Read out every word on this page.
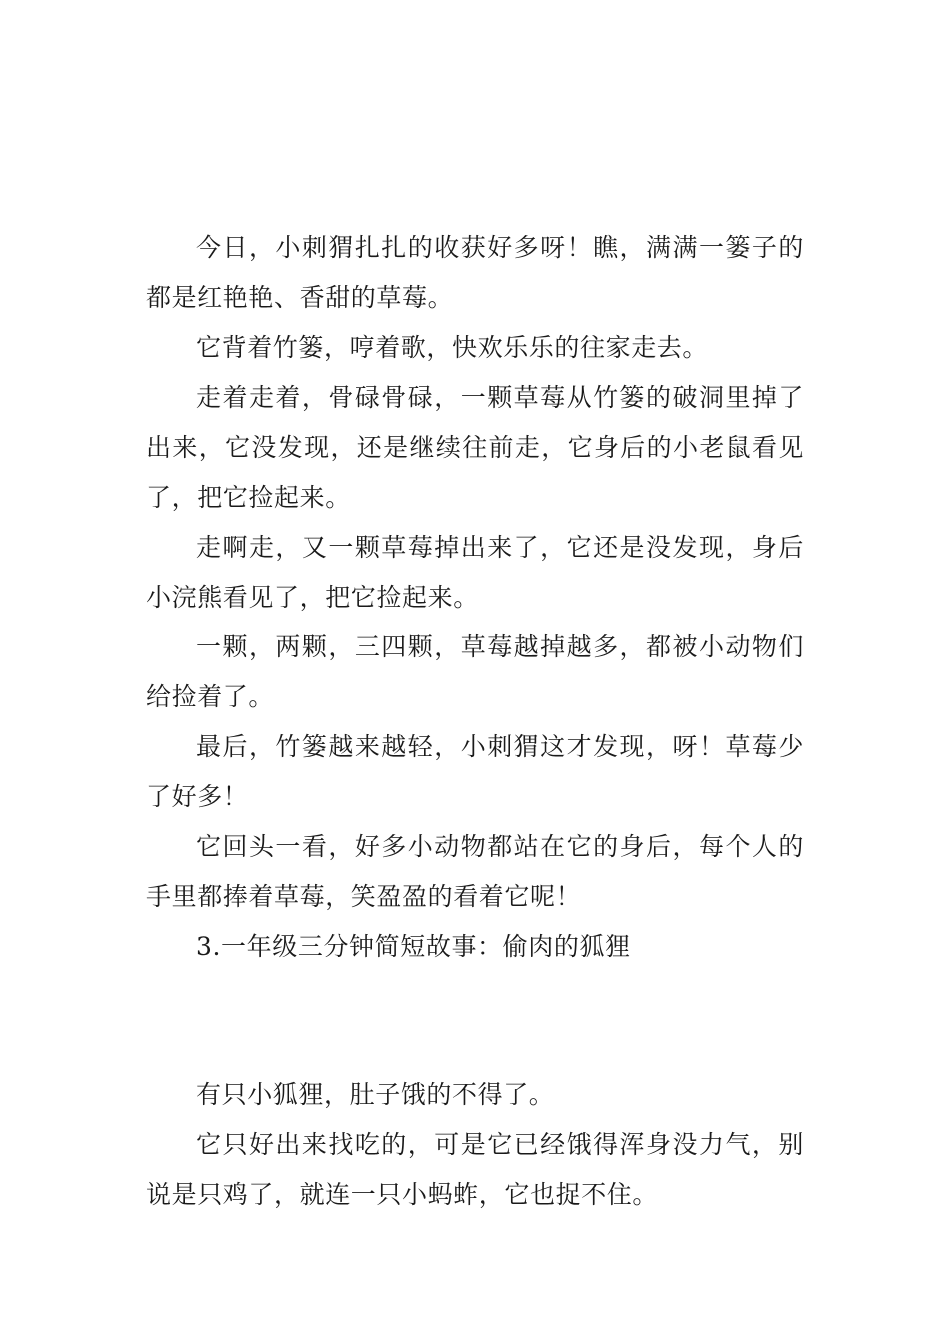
今日，小刺猬扎扎的收获好多呀！瞧，满满一篓子的
都是红艳艳、香甜的草莓。
它背着竹篓，哼着歌，快欢乐乐的往家走去。
走着走着，骨碌骨碌，一颗草莓从竹篓的破洞里掉了
出来，它没发现，还是继续往前走，它身后的小老鼠看见
了，把它捡起来。
走啊走，又一颗草莓掉出来了，它还是没发现，身后
小浣熊看见了，把它捡起来。
一颗，两颗，三四颗，草莓越掉越多，都被小动物们
给捡着了。
最后，竹篓越来越轻，小刺猬这才发现，呀！草莓少
了好多！
它回头一看，好多小动物都站在它的身后，每个人的
手里都捧着草莓，笑盈盈的看着它呢！
3.一年级三分钟简短故事：偷肉的狐狸
有只小狐狸，肚子饿的不得了。
它只好出来找吃的，可是它已经饿得浑身没力气，别
说是只鸡了，就连一只小蚂蚱，它也捉不住。
